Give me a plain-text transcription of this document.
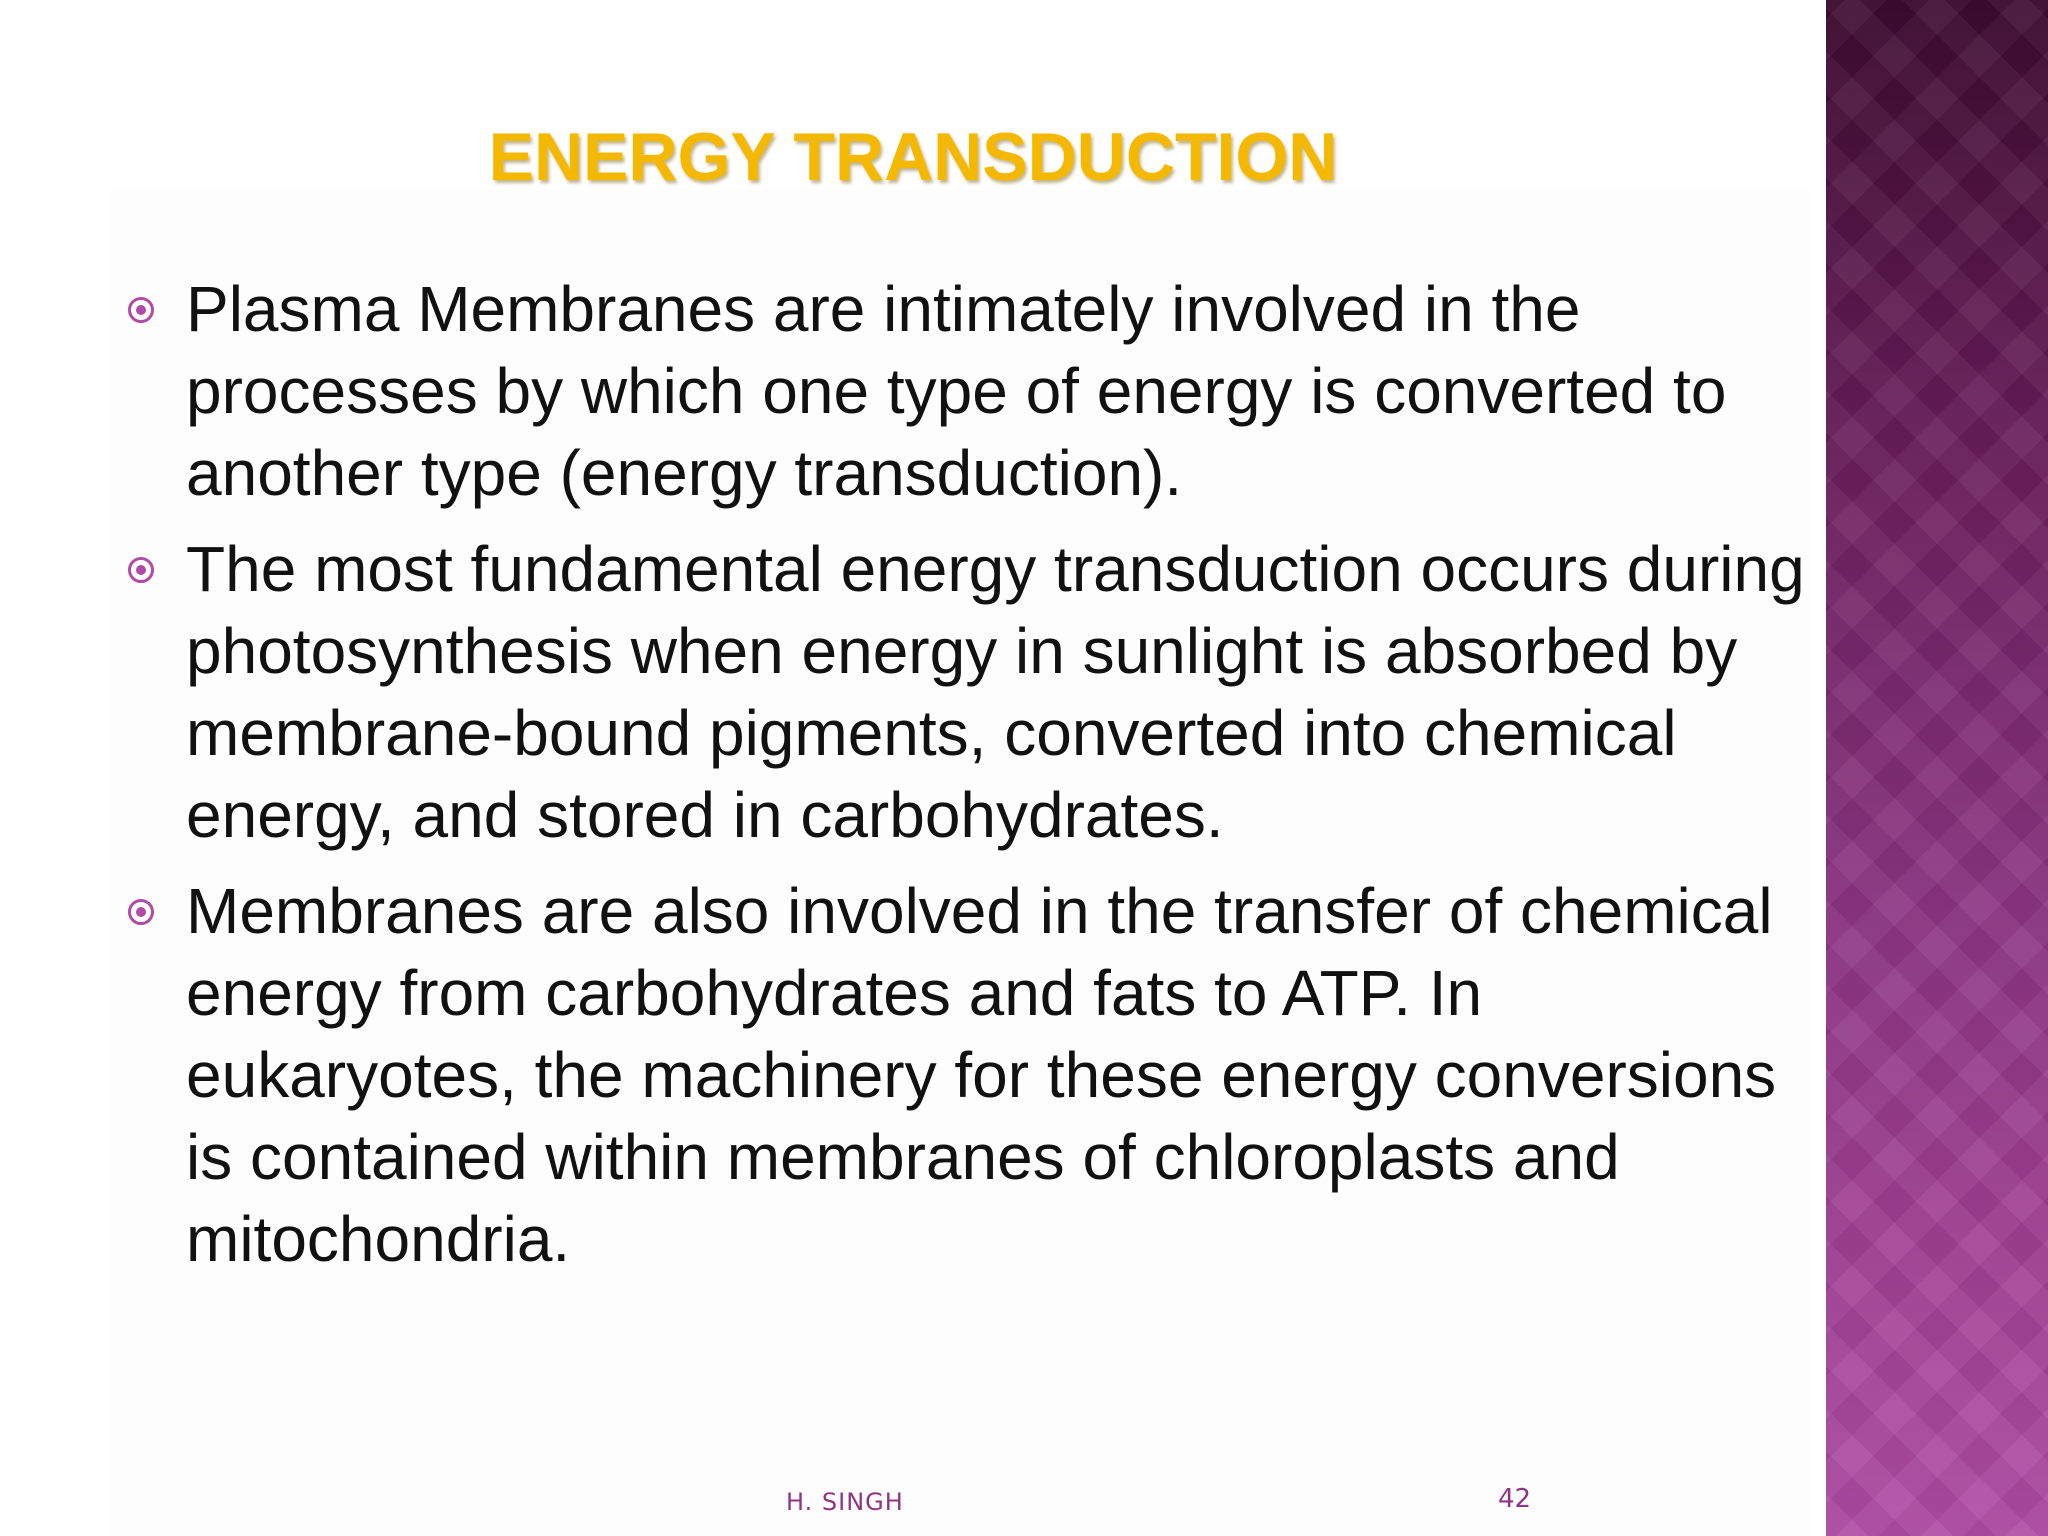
ENERGY TRANSDUCTION

Plasma Membranes are intimately involved in the processes by which one type of energy is converted to another type (energy transduction).

The most fundamental energy transduction occurs during photosynthesis when energy in sunlight is absorbed by membrane-bound pigments, converted into chemical energy, and stored in carbohydrates.

Membranes are also involved in the transfer of chemical energy from carbohydrates and fats to ATP. In eukaryotes, the machinery for these energy conversions is contained within membranes of chloroplasts and mitochondria.

H. SINGH	42
